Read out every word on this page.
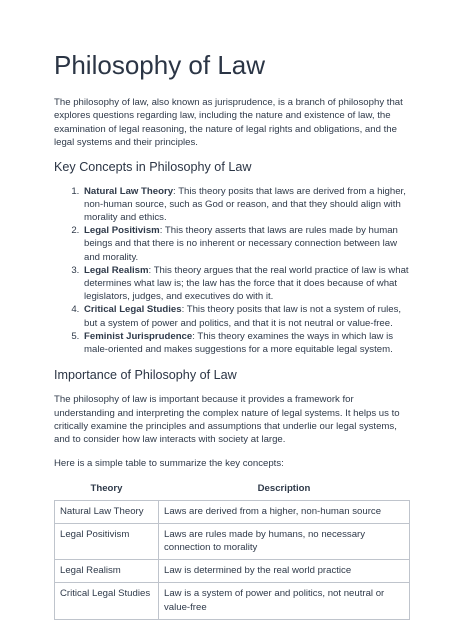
Philosophy of Law

The philosophy of law, also known as jurisprudence, is a branch of philosophy that explores questions regarding law, including the nature and existence of law, the examination of legal reasoning, the nature of legal rights and obligations, and the legal systems and their principles.

Key Concepts in Philosophy of Law
1. Natural Law Theory: This theory posits that laws are derived from a higher, non-human source, such as God or reason, and that they should align with morality and ethics.
2. Legal Positivism: This theory asserts that laws are rules made by human beings and that there is no inherent or necessary connection between law and morality.
3. Legal Realism: This theory argues that the real world practice of law is what determines what law is; the law has the force that it does because of what legislators, judges, and executives do with it.
4. Critical Legal Studies: This theory posits that law is not a system of rules, but a system of power and politics, and that it is not neutral or value-free.
5. Feminist Jurisprudence: This theory examines the ways in which law is male-oriented and makes suggestions for a more equitable legal system.
Importance of Philosophy of Law

The philosophy of law is important because it provides a framework for understanding and interpreting the complex nature of legal systems. It helps us to critically examine the principles and assumptions that underlie our legal systems, and to consider how law interacts with society at large.

Here is a simple table to summarize the key concepts:

Theory	Description
Natural Law Theory	Laws are derived from a higher, non-human source
Legal Positivism	Laws are rules made by humans, no necessary connection to morality
Legal Realism	Law is determined by the real world practice
Critical Legal Studies	Law is a system of power and politics, not neutral or value-free
